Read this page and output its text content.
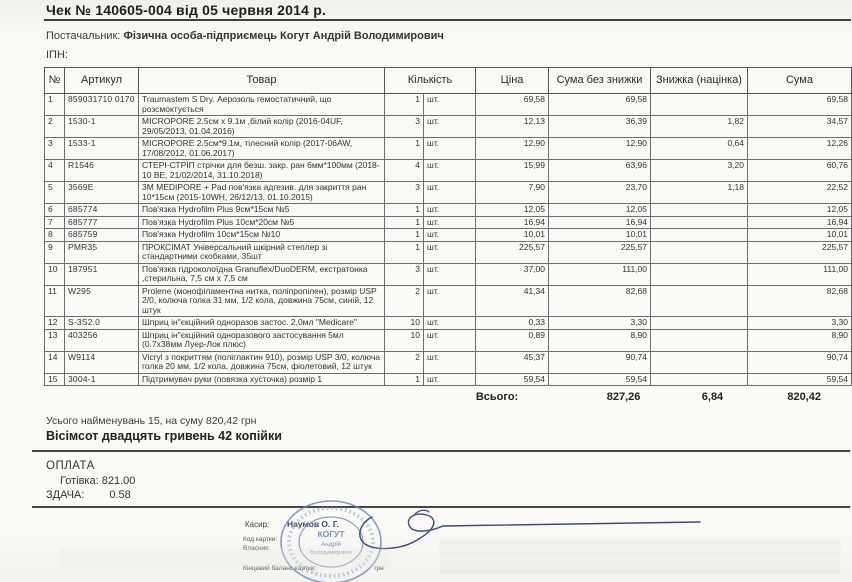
Чек № 140605-004 від 05 червня 2014 р.
Постачальник: Фізична особа-підприємець Когут Андрій Володимирович
ІПН:
№	Артикул	Товар	Кількість		Ціна	Сума без знижки	Знижка (націнка)	Сума
1	859031710 0170	Traumastem S Dry. Аерозоль гемостатичний, що розсмоктується	1	шт.	69,58	69,58		69,58
2	1530-1	MICROPORE 2.5см х 9.1м ,білий колір (2016-04UF, 29/05/2013, 01.04.2016)	3	шт.	12,13	36,39	1,82	34,57
3	1533-1	MICROPORE 2.5см*9.1м, тілесний колір (2017-06AW, 17/08/2012, 01.06.2017)	1	шт.	12,90	12,90	0,64	12,26
4	R1546	СТЕРІ-СТРІП стрічки для безш. закр. ран 6мм*100мм (2018-10 BE, 21/02/2014, 31.10.2018)	4	шт.	15,99	63,96	3,20	60,76
5	3569E	3M MEDIPORE + Pad пов'язка адгезив. для закриття ран 10*15см (2015-10WH, 26/12/13, 01.10.2015)	3	шт.	7,90	23,70	1,18	22,52
6	685774	Пов'язка Hydrofilm Plus 9см*15см №5	1	шт.	12,05	12,05		12,05
7	685777	Пов'язка Hydrofilm Plus 10см*20см №5	1	шт.	16,94	16,94		16,94
8	685759	Пов'язка Hydrofilm 10см*15см №10	1	шт.	10,01	10,01		10,01
9	PMR35	ПРОКСІМАТ Універсальний шкірний степлер зі стандартними скобками, 35шт	1	шт.	225,57	225,57		225,57
10	187951	Пов'язка гідроколоїдна Granuflex/DuoDERM, екстратонка ,стерильна, 7,5 см х 7,5 см	3	шт.	37,00	111,00		111,00
11	W295	Prolene (монофіламентна нитка, поліпропілен), розмір USP 2/0, колюча голка 31 мм, 1/2 кола, довжина 75см, синій, 12 штук	2	шт.	41,34	82,68		82,68
12	S-3S2.0	Шприц ін"єкційний одноразов застос. 2,0мл "Medicare"	10	шт.	0,33	3,30		3,30
13	403256	Шприц ін"єкційний одноразового застосування 5мл (0.7х38мм Луер-Лок плюс)	10	шт.	0,89	8,90		8,90
14	W9114	Vicryl з покриттям (поліглактин 910), розмір USP 3/0, колюча голка 20 мм, 1/2 кола, довжина 75см, фіолетовий, 12 штук	2	шт.	45,37	90,74		90,74
15	3004-1	Підтримувач руки (повязка хусточка) розмір 1	1	шт.	59,54	59,54		59,54
Всього:	827,26	6,84	820,42
Усього найменувань 15, на суму 820,42 грн
Вісімсот двадцять гривень 42 копійки
ОПЛАТА
Готівка: 821.00
ЗДАЧА: 0.58
Касир: Наумов О. Г.
Код картки:
Власник:
Кінцевий баланс картки:	грн
КОГУТ
Андрій
Володимирович
